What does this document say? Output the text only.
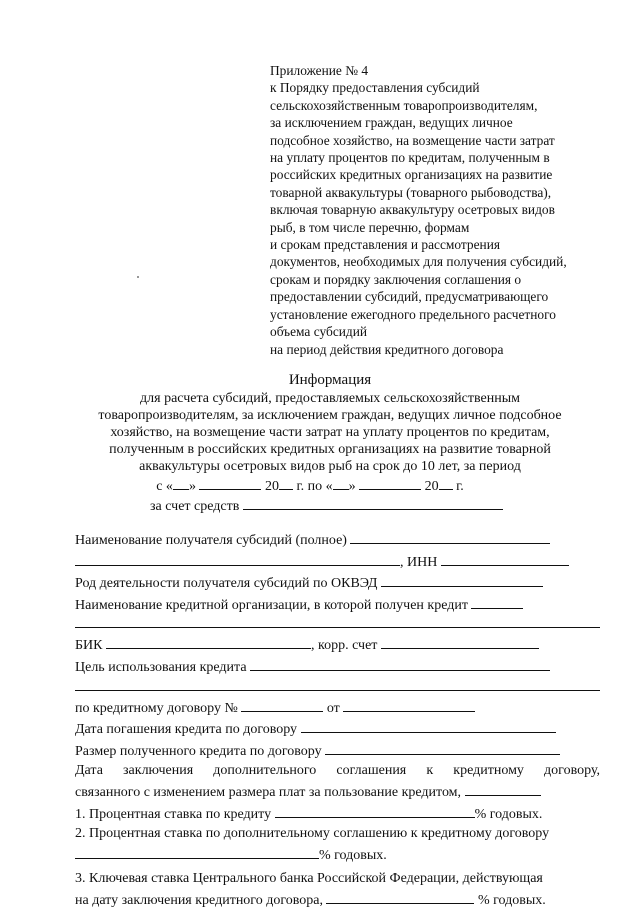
Приложение № 4
к Порядку предоставления субсидий
сельскохозяйственным товаропроизводителям,
за исключением граждан, ведущих личное
подсобное хозяйство, на возмещение части затрат
на уплату процентов по кредитам, полученным в
российских кредитных организациях на развитие
товарной аквакультуры (товарного рыбоводства),
включая товарную аквакультуру осетровых видов
рыб, в том числе перечню, формам
и срокам представления и рассмотрения
документов, необходимых для получения субсидий,
срокам и порядку заключения соглашения о
предоставлении субсидий, предусматривающего
установление ежегодного предельного расчетного
объема субсидий
на период действия кредитного договора
Информация
для расчета субсидий, предоставляемых сельскохозяйственным
товаропроизводителям, за исключением граждан, ведущих личное подсобное
хозяйство, на возмещение части затрат на уплату процентов по кредитам,
полученным в российских кредитных организациях на развитие товарной
аквакультуры осетровых видов рыб на срок до 10 лет, за период
с « »	20 г. по « »	20 г.
за счет средств
Наименование получателя субсидий (полное)
, ИНН
Род деятельности получателя субсидий по ОКВЭД
Наименование кредитной организации, в которой получен кредит
БИК	, корр. счет
Цель использования кредита
по кредитному договору №	от
Дата погашения кредита по договору
Размер полученного кредита по договору
Дата заключения дополнительного соглашения к кредитному договору,
связанного с изменением размера плат за пользование кредитом,
1. Процентная ставка по кредиту	% годовых.
2. Процентная ставка по дополнительному соглашению к кредитному договору
% годовых.
3. Ключевая ставка Центрального банка Российской Федерации, действующая
на дату заключения кредитного договора,	% годовых.
